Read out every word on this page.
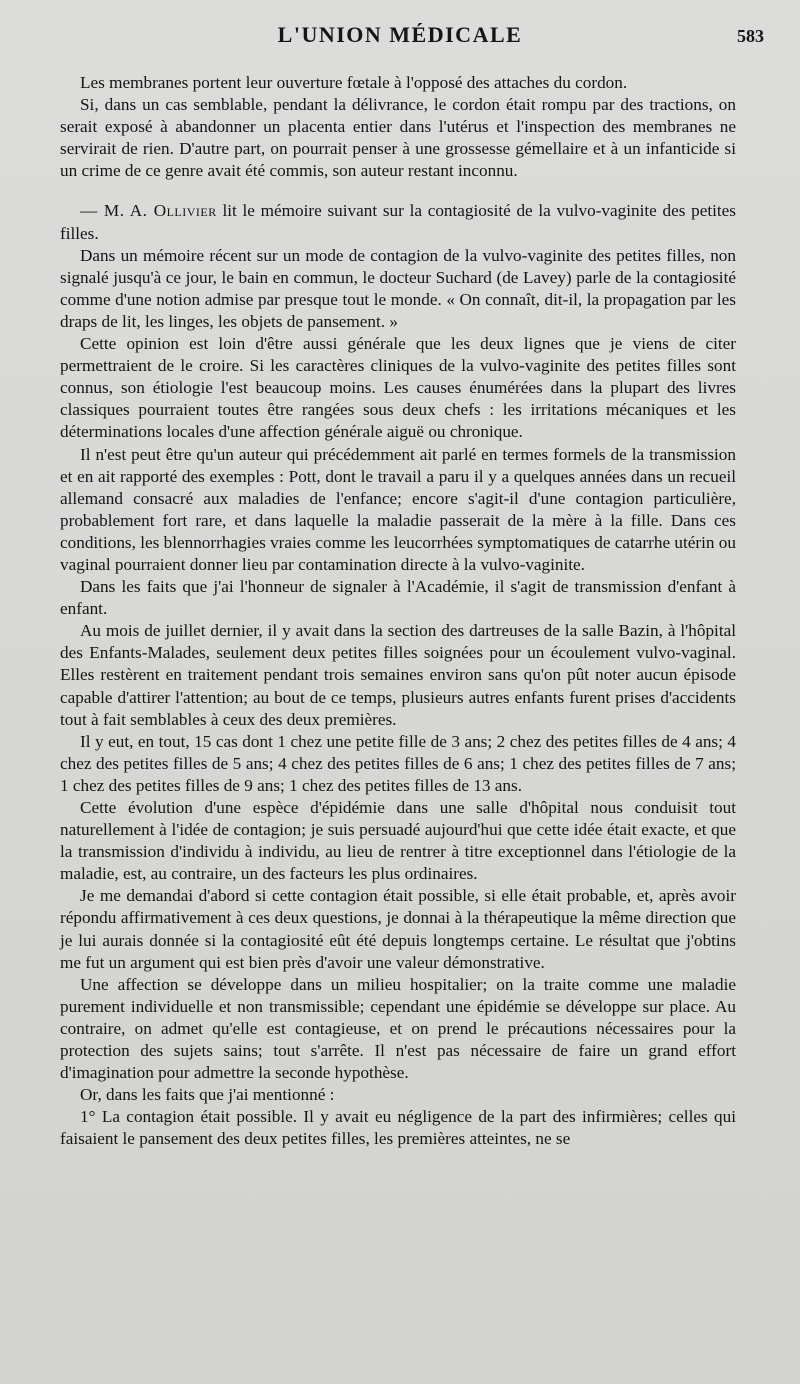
L'UNION MÉDICALE	583

Les membranes portent leur ouverture fœtale à l'opposé des attaches du cordon.

Si, dans un cas semblable, pendant la délivrance, le cordon était rompu par des tractions, on serait exposé à abandonner un placenta entier dans l'utérus et l'inspection des membranes ne servirait de rien. D'autre part, on pourrait penser à une grossesse gémellaire et à un infanticide si un crime de ce genre avait été commis, son auteur restant inconnu.

— M. A. Ollivier lit le mémoire suivant sur la contagiosité de la vulvo-vaginite des petites filles.

Dans un mémoire récent sur un mode de contagion de la vulvo-vaginite des petites filles, non signalé jusqu'à ce jour, le bain en commun, le docteur Suchard (de Lavey) parle de la contagiosité comme d'une notion admise par presque tout le monde. « On connaît, dit-il, la propagation par les draps de lit, les linges, les objets de pansement. »

Cette opinion est loin d'être aussi générale que les deux lignes que je viens de citer permettraient de le croire. Si les caractères cliniques de la vulvo-vaginite des petites filles sont connus, son étiologie l'est beaucoup moins. Les causes énumérées dans la plupart des livres classiques pourraient toutes être rangées sous deux chefs : les irritations mécaniques et les déterminations locales d'une affection générale aiguë ou chronique.

Il n'est peut être qu'un auteur qui précédemment ait parlé en termes formels de la transmission et en ait rapporté des exemples : Pott, dont le travail a paru il y a quelques années dans un recueil allemand consacré aux maladies de l'enfance; encore s'agit-il d'une contagion particulière, probablement fort rare, et dans laquelle la maladie passerait de la mère à la fille. Dans ces conditions, les blennorrhagies vraies comme les leucorrhées symptomatiques de catarrhe utérin ou vaginal pourraient donner lieu par contamination directe à la vulvo-vaginite.

Dans les faits que j'ai l'honneur de signaler à l'Académie, il s'agit de transmission d'enfant à enfant.

Au mois de juillet dernier, il y avait dans la section des dartreuses de la salle Bazin, à l'hôpital des Enfants-Malades, seulement deux petites filles soignées pour un écoulement vulvo-vaginal. Elles restèrent en traitement pendant trois semaines environ sans qu'on pût noter aucun épisode capable d'attirer l'attention; au bout de ce temps, plusieurs autres enfants furent prises d'accidents tout à fait semblables à ceux des deux premières.

Il y eut, en tout, 15 cas dont 1 chez une petite fille de 3 ans; 2 chez des petites filles de 4 ans; 4 chez des petites filles de 5 ans; 4 chez des petites filles de 6 ans; 1 chez des petites filles de 7 ans; 1 chez des petites filles de 9 ans; 1 chez des petites filles de 13 ans.

Cette évolution d'une espèce d'épidémie dans une salle d'hôpital nous conduisit tout naturellement à l'idée de contagion; je suis persuadé aujourd'hui que cette idée était exacte, et que la transmission d'individu à individu, au lieu de rentrer à titre exceptionnel dans l'étiologie de la maladie, est, au contraire, un des facteurs les plus ordinaires.

Je me demandai d'abord si cette contagion était possible, si elle était probable, et, après avoir répondu affirmativement à ces deux questions, je donnai à la thérapeutique la même direction que je lui aurais donnée si la contagiosité eût été depuis longtemps certaine. Le résultat que j'obtins me fut un argument qui est bien près d'avoir une valeur démonstrative.

Une affection se développe dans un milieu hospitalier; on la traite comme une maladie purement individuelle et non transmissible; cependant une épidémie se développe sur place. Au contraire, on admet qu'elle est contagieuse, et on prend le précautions nécessaires pour la protection des sujets sains; tout s'arrête. Il n'est pas nécessaire de faire un grand effort d'imagination pour admettre la seconde hypothèse.

Or, dans les faits que j'ai mentionné :

1° La contagion était possible. Il y avait eu négligence de la part des infirmières; celles qui faisaient le pansement des deux petites filles, les premières atteintes, ne se
